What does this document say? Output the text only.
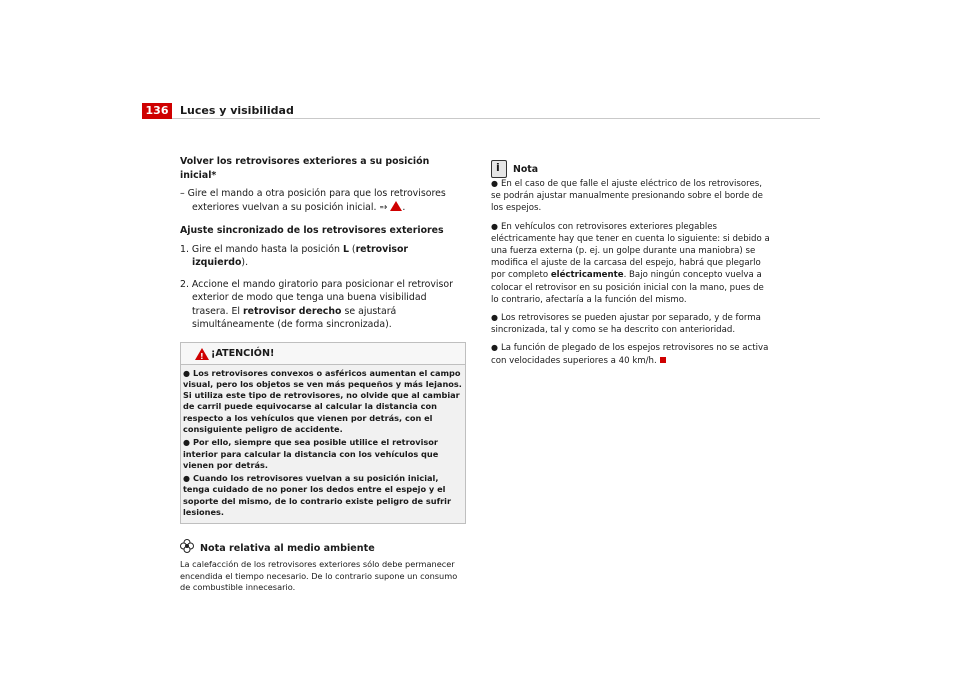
136	Luces y visibilidad
Volver los retrovisores exteriores a su posición inicial*
– Gire el mando a otra posición para que los retrovisores exteriores vuelvan a su posición inicial. ⇒ !.
Ajuste sincronizado de los retrovisores exteriores
1. Gire el mando hasta la posición L (retrovisor izquierdo).
2. Accione el mando giratorio para posicionar el retrovisor exterior de modo que tenga una buena visibilidad trasera. El retrovisor derecho se ajustará simultáneamente (de forma sincronizada).
!
¡ATENCIÓN!
● Los retrovisores convexos o asféricos aumentan el campo visual, pero los objetos se ven más pequeños y más lejanos. Si utiliza este tipo de retrovisores, no olvide que al cambiar de carril puede equivocarse al calcular la distancia con respecto a los vehículos que vienen por detrás, con el consiguiente peligro de accidente.
● Por ello, siempre que sea posible utilice el retrovisor interior para calcular la distancia con los vehículos que vienen por detrás.
● Cuando los retrovisores vuelvan a su posición inicial, tenga cuidado de no poner los dedos entre el espejo y el soporte del mismo, de lo contrario existe peligro de sufrir lesiones.
Nota relativa al medio ambiente
La calefacción de los retrovisores exteriores sólo debe permanecer encendida el tiempo necesario. De lo contrario supone un consumo de combustible innecesario.
i
Nota
● En el caso de que falle el ajuste eléctrico de los retrovisores, se podrán ajustar manualmente presionando sobre el borde de los espejos.
● En vehículos con retrovisores exteriores plegables eléctricamente hay que tener en cuenta lo siguiente: si debido a una fuerza externa (p. ej. un golpe durante una maniobra) se modifica el ajuste de la carcasa del espejo, habrá que plegarlo por completo eléctricamente. Bajo ningún concepto vuelva a colocar el retrovisor en su posición inicial con la mano, pues de lo contrario, afectaría a la función del mismo.
● Los retrovisores se pueden ajustar por separado, y de forma sincronizada, tal y como se ha descrito con anterioridad.
● La función de plegado de los espejos retrovisores no se activa con velocidades superiores a 40 km/h.
